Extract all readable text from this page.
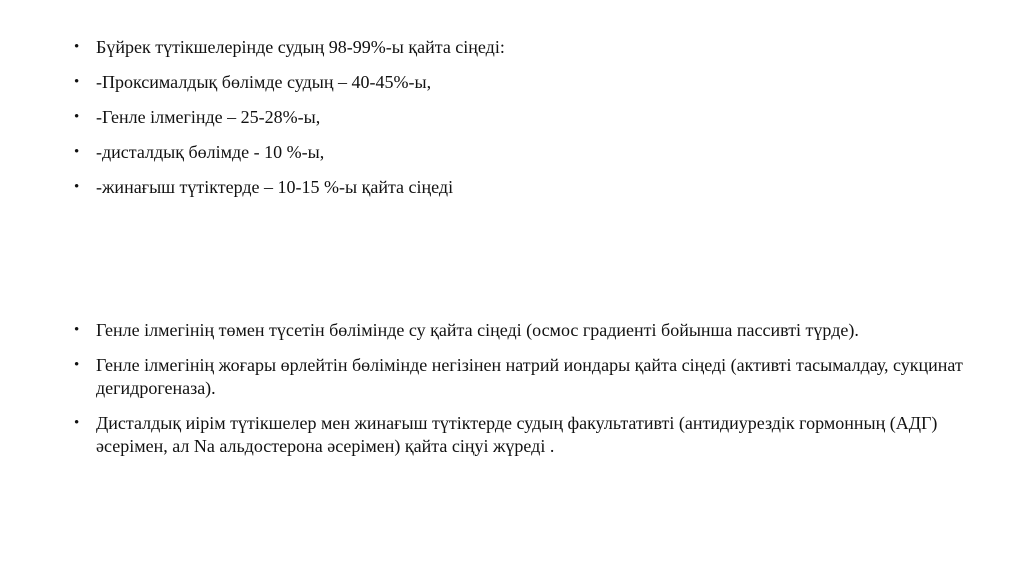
• Бүйрек түтікшелерінде судың 98-99%-ы қайта сіңеді:
• -Проксималдық бөлімде судың – 40-45%-ы,
• -Генле ілмегінде – 25-28%-ы,
• -дисталдық бөлімде - 10 %-ы,
• -жинағыш түтіктерде – 10-15 %-ы қайта сіңеді
• Генле ілмегінің төмен түсетін бөлімінде су қайта сіңеді (осмос градиенті бойынша пассивті түрде).
• Генле ілмегінің жоғары өрлейтін бөлімінде негізінен натрий иондары қайта сіңеді (активті тасымалдау, сукцинат дегидрогеназа).
• Дисталдық иірім түтікшелер мен жинағыш түтіктерде судың факультативті (антидиурездік гормонның (АДГ) әсерімен, ал Na альдостерона әсерімен) қайта сіңуі жүреді .
